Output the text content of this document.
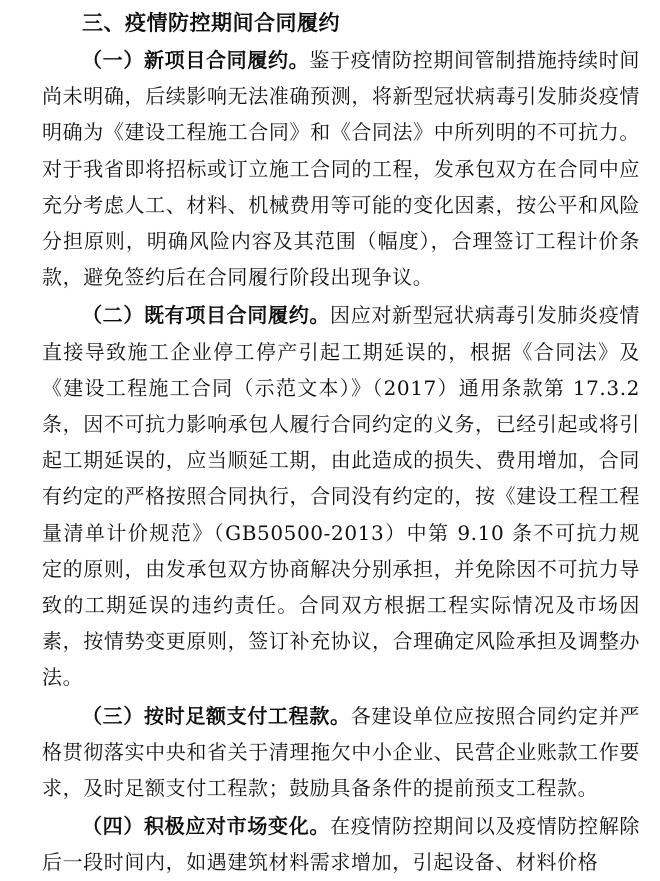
三、疫情防控期间合同履约

（一）新项目合同履约。鉴于疫情防控期间管制措施持续时间尚未明确，后续影响无法准确预测，将新型冠状病毒引发肺炎疫情明确为《建设工程施工合同》和《合同法》中所列明的不可抗力。对于我省即将招标或订立施工合同的工程，发承包双方在合同中应充分考虑人工、材料、机械费用等可能的变化因素，按公平和风险分担原则，明确风险内容及其范围（幅度），合理签订工程计价条款，避免签约后在合同履行阶段出现争议。

（二）既有项目合同履约。因应对新型冠状病毒引发肺炎疫情直接导致施工企业停工停产引起工期延误的，根据《合同法》及《建设工程施工合同（示范文本）》（2017）通用条款第 17.3.2 条，因不可抗力影响承包人履行合同约定的义务，已经引起或将引起工期延误的，应当顺延工期，由此造成的损失、费用增加，合同有约定的严格按照合同执行，合同没有约定的，按《建设工程工程量清单计价规范》（GB50500-2013）中第 9.10 条不可抗力规定的原则，由发承包双方协商解决分别承担，并免除因不可抗力导致的工期延误的违约责任。合同双方根据工程实际情况及市场因素，按情势变更原则，签订补充协议，合理确定风险承担及调整办法。

（三）按时足额支付工程款。各建设单位应按照合同约定并严格贯彻落实中央和省关于清理拖欠中小企业、民营企业账款工作要求，及时足额支付工程款；鼓励具备条件的提前预支工程款。

（四）积极应对市场变化。在疫情防控期间以及疫情防控解除后一段时间内，如遇建筑材料需求增加，引起设备、材料价格
